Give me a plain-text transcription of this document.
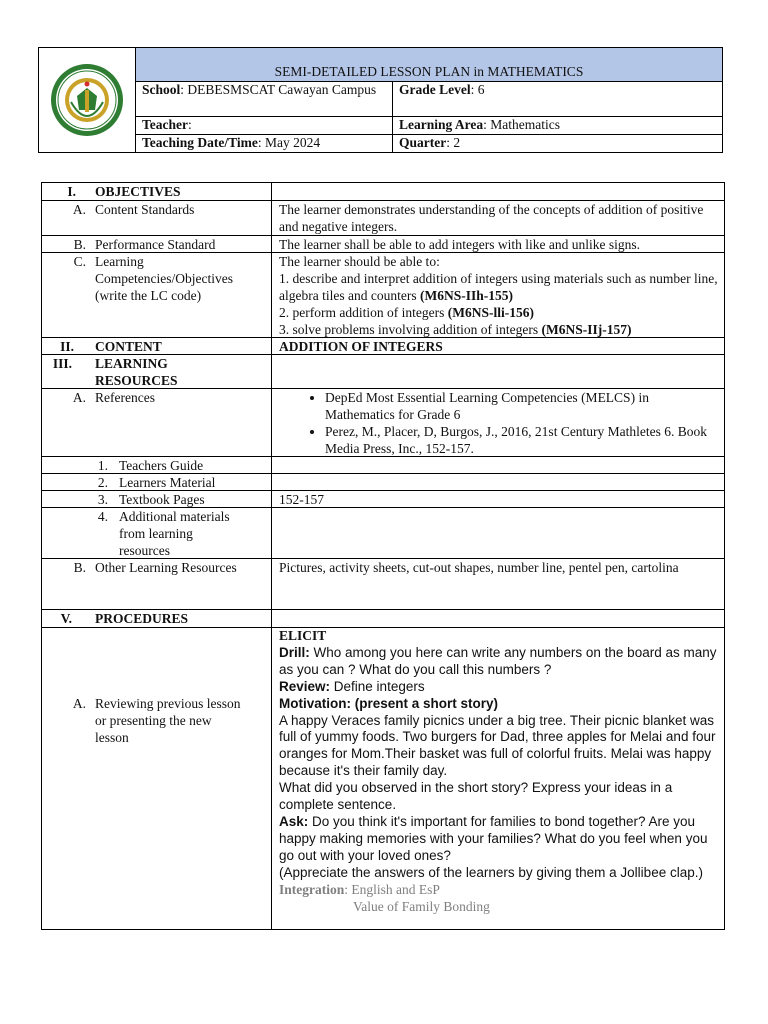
SEMI-DETAILED LESSON PLAN in MATHEMATICS
School: DEBESMSCAT Cawayan Campus	Grade Level: 6
Teacher:	Learning Area: Mathematics
Teaching Date/Time: May 2024	Quarter: 2
I. OBJECTIVES
A. Content Standards	The learner demonstrates understanding of the concepts of addition of positive and negative integers.
B. Performance Standard	The learner shall be able to add integers with like and unlike signs.
C. Learning
Competencies/Objectives
(write the LC code)

The learner should be able to:

1. describe and interpret addition of integers using materials such as number line, algebra tiles and counters (M6NS-IIh-155)

2. perform addition of integers (M6NS-lli-156)

3. solve problems involving addition of integers (M6NS-IIj-157)

II. CONTENT	ADDITION OF INTEGERS
III. LEARNING
RESOURCES
A. References
•	DepEd Most Essential Learning Competencies (MELCS) in Mathematics for Grade 6
• Perez, M., Placer, D, Burgos, J., 2016, 21st Century Mathletes 6. Book Media Press, Inc., 152-157.
1. Teachers Guide
2. Learners Material
3. Textbook Pages	152-157
4. Additional materials
from learning
resources
B. Other Learning Resources	Pictures, activity sheets, cut-out shapes, number line, pentel pen, cartolina
V. PROCEDURES
A. Reviewing previous lesson
or presenting the new
lesson

ELICIT

Drill: Who among you here can write any numbers on the board as many as you can ? What do you call this numbers ?

Review: Define integers

Motivation: (present a short story)

A happy Veraces family picnics under a big tree. Their picnic blanket was full of yummy foods. Two burgers for Dad, three apples for Melai and four oranges for Mom.Their basket was full of colorful fruits. Melai was happy because it's their family day.

What did you observed in the short story? Express your ideas in a complete sentence.

Ask: Do you think it's important for families to bond together? Are you happy making memories with your families? What do you feel when you go out with your loved ones?

(Appreciate the answers of the learners by giving them a Jollibee clap.)

Integration: English and EsP

Value of Family Bonding
